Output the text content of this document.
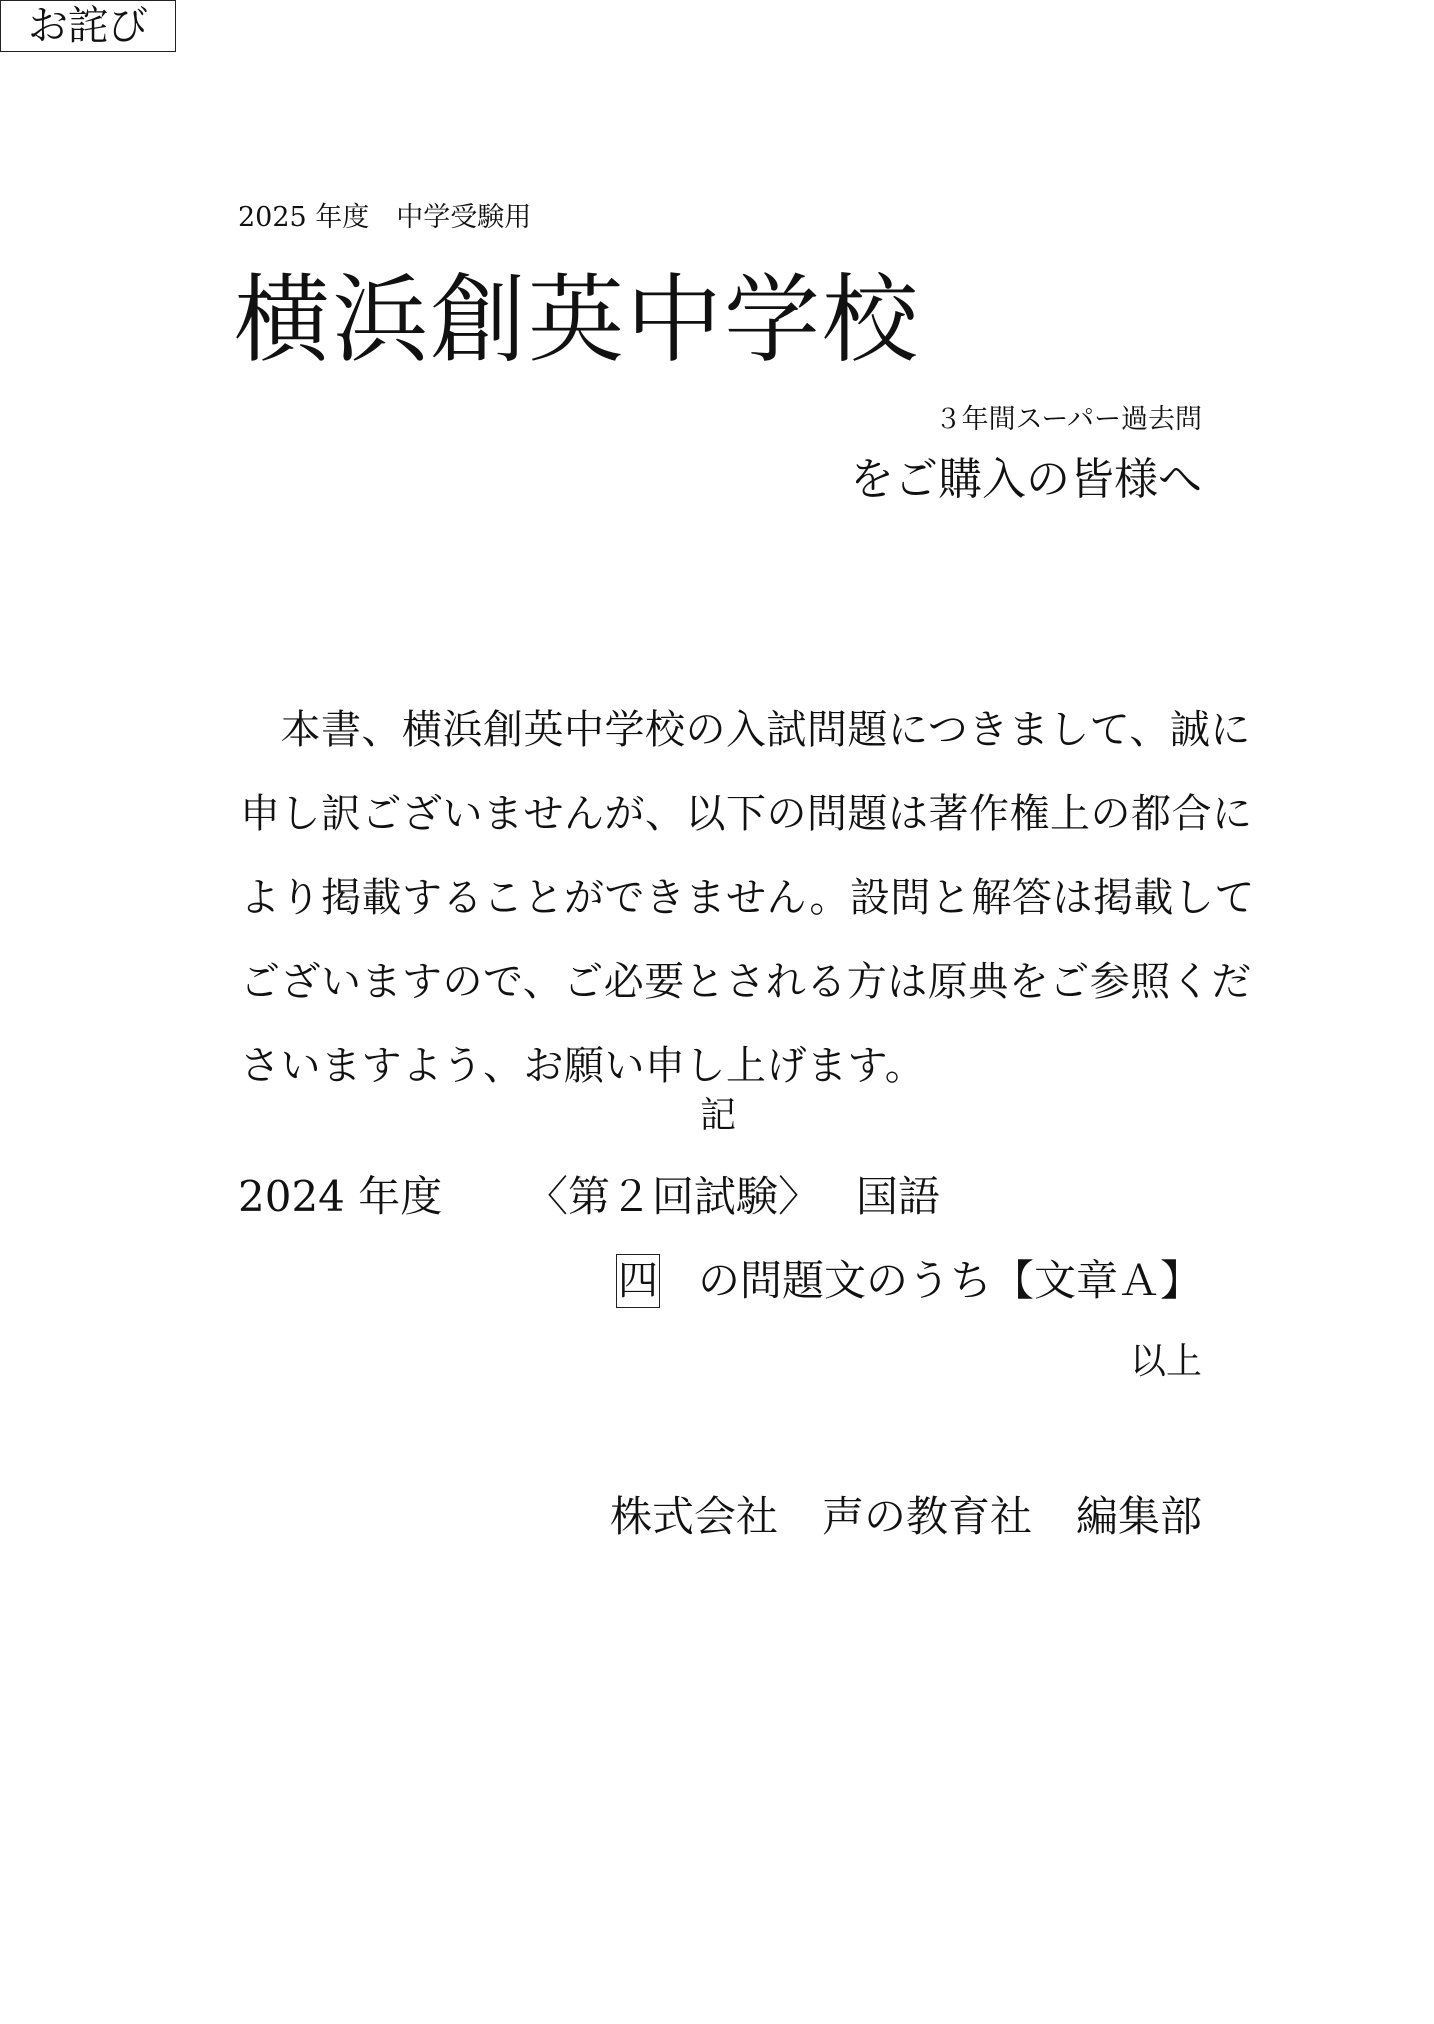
2025 年度　中学受験用
横浜創英中学校
３年間スーパー過去問
をご購入の皆様へ
お詫び
　本書、横浜創英中学校の入試問題につきまして、誠に
申し訳ございませんが、以下の問題は著作権上の都合に
より掲載することができません。設問と解答は掲載して
ございますので、ご必要とされる方は原典をご参照くだ
さいますよう、お願い申し上げます。
記
2024 年度 〈第２回試験〉 国語
四 の問題文のうち【文章Ａ】
以上
株式会社 声の教育社 編集部
